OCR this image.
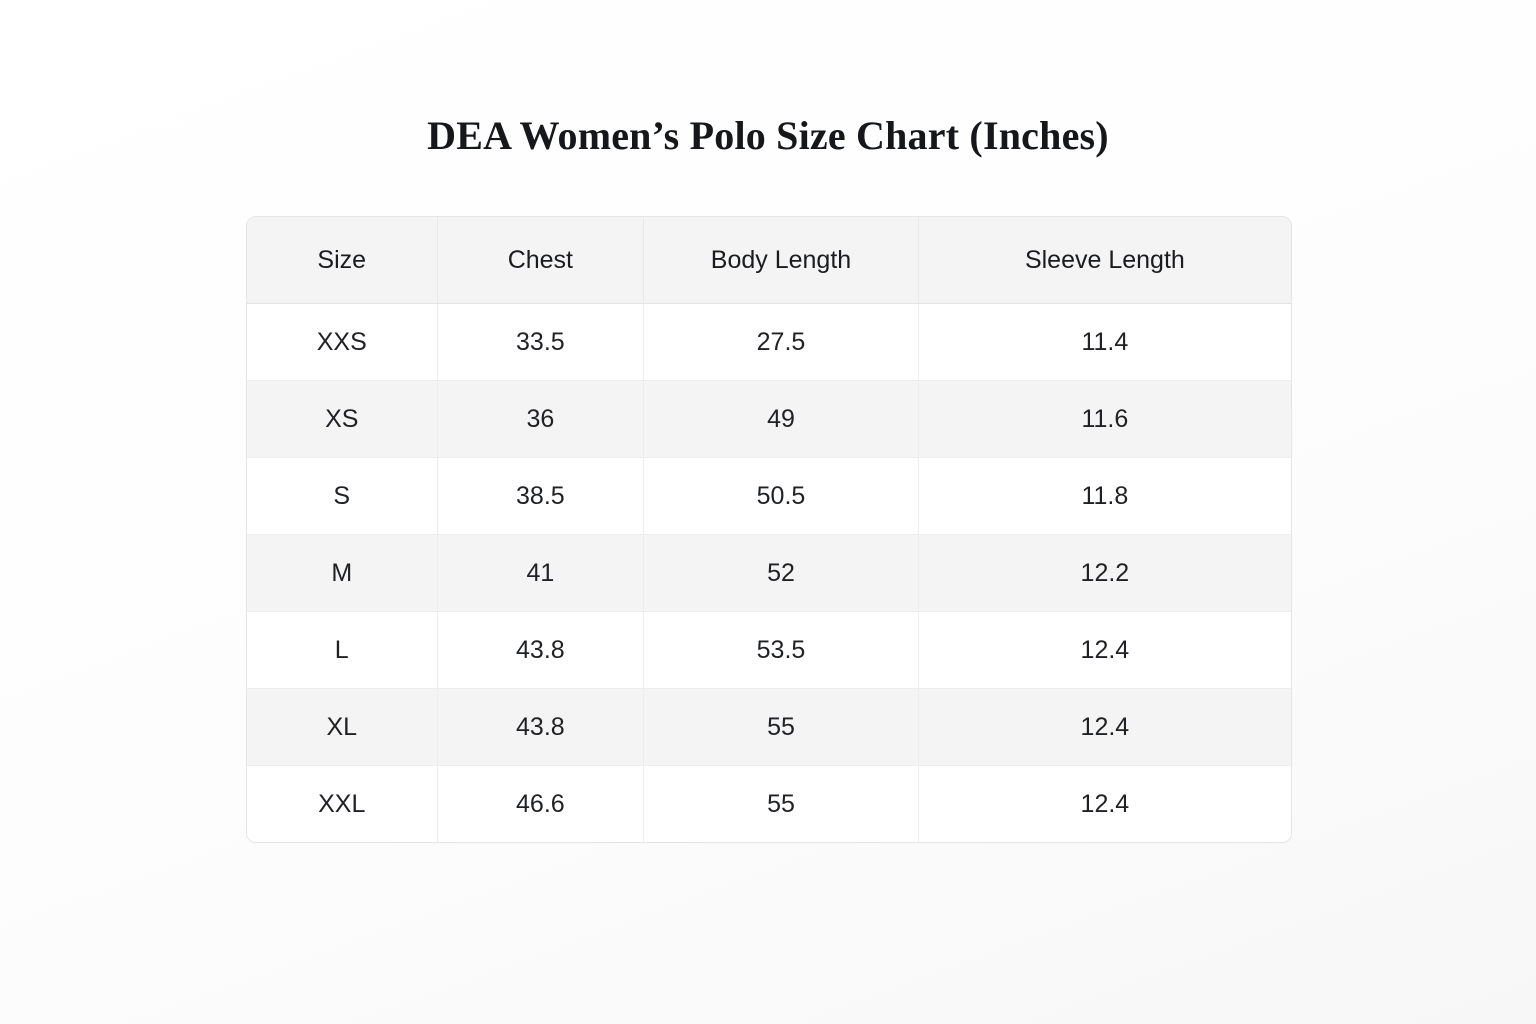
DEA Women’s Polo Size Chart (Inches)
Size	Chest	Body Length	Sleeve Length
XXS	33.5	27.5	11.4
XS	36	49	11.6
S	38.5	50.5	11.8
M	41	52	12.2
L	43.8	53.5	12.4
XL	43.8	55	12.4
XXL	46.6	55	12.4
